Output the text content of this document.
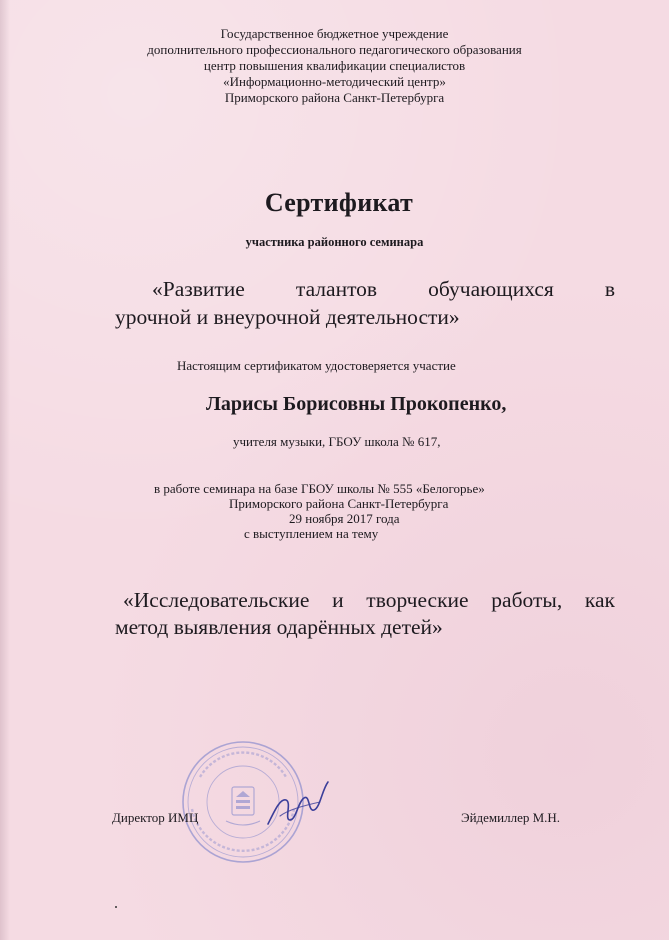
Государственное бюджетное учреждение
дополнительного профессионального педагогического образования
центр повышения квалификации специалистов
«Информационно-методический центр»
Приморского района Санкт-Петербурга
Сертификат
участника районного семинара
«Развитие талантов обучающихся в
урочной и внеурочной деятельности»
Настоящим сертификатом удостоверяется участие
Ларисы Борисовны Прокопенко,
учителя музыки, ГБОУ школа № 617,
в работе семинара на базе ГБОУ школы № 555 «Белогорье»
Приморского района Санкт-Петербурга
29 ноября 2017 года
с выступлением на тему
«Исследовательские и творческие работы, как
метод выявления одарённых детей»
Директор ИМЦ	Эйдемиллер М.Н.
